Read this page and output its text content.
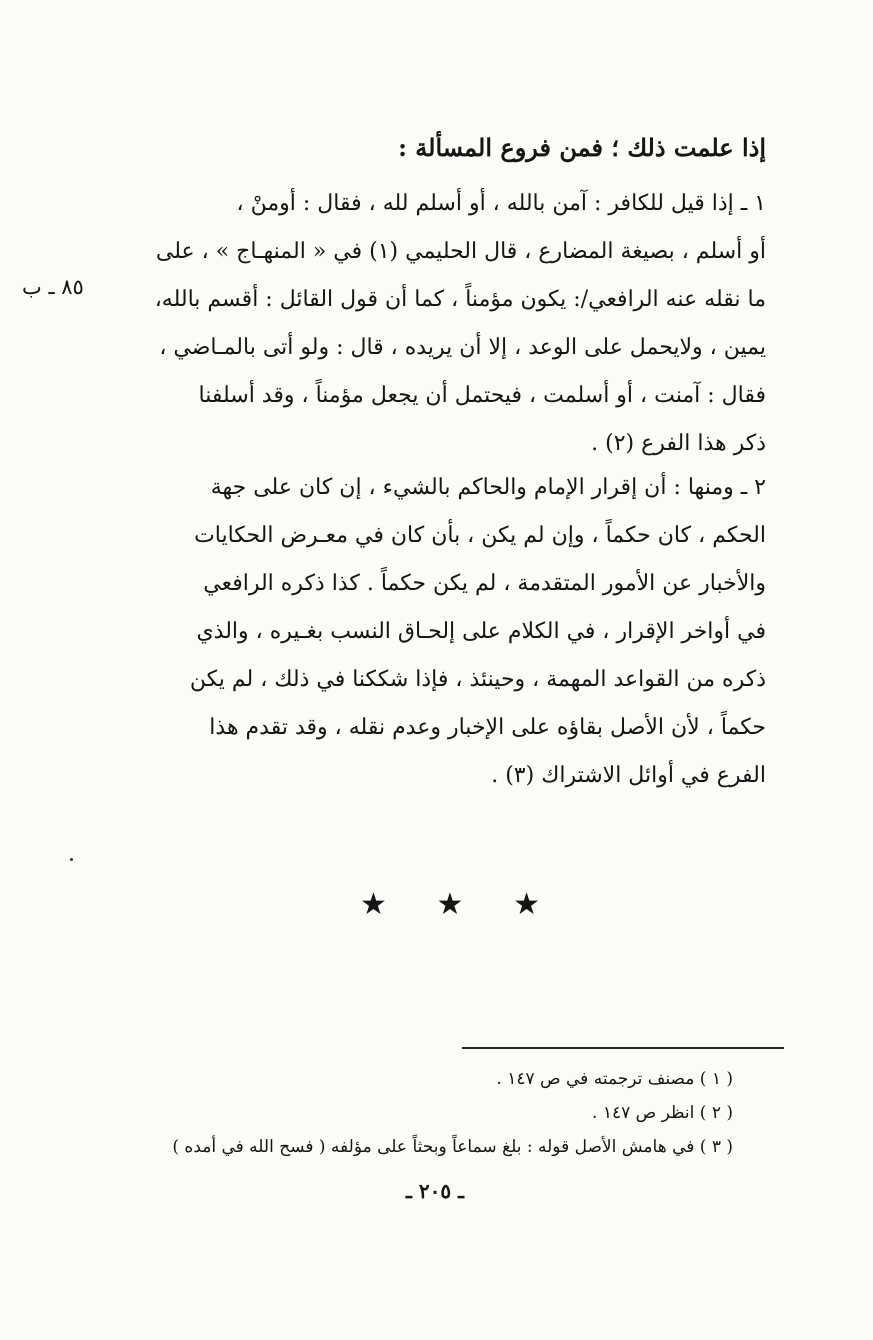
إذا علمت ذلك ؛ فمن فروع المسألة :
١ ـ إذا قيل للكافر : آمن بالله ، أو أسلم لله ، فقال : أومنْ ،
أو أسلم ، بصيغة المضارع ، قال الحليمي (١) في « المنهـاج » ، على
ما نقله عنه الرافعي/: يكون مؤمناً ، كما أن قول القائل : أقسم بالله،
يمين ، ولايحمل على الوعد ، إلا أن يريده ، قال : ولو أتى بالمـاضي ،
فقال : آمنت ، أو أسلمت ، فيحتمل أن يجعل مؤمناً ، وقد أسلفنا
ذكر هذا الفرع (٢) .
٨٥ ـ ب
٢ ـ ومنها : أن إقرار الإمام والحاكم بالشيء ، إن كان على جهة
الحكم ، كان حكماً ، وإن لم يكن ، بأن كان في معـرض الحكايات
والأخبار عن الأمور المتقدمة ، لم يكن حكماً . كذا ذكره الرافعي
في أواخر الإقرار ، في الكلام على إلحـاق النسب بغـيره ، والذي
ذكره من القواعد المهمة ، وحينئذ ، فإذا شككنا في ذلك ، لم يكن
حكماً ، لأن الأصل بقاؤه على الإخبار وعدم نقله ، وقد تقدم هذا
الفرع في أوائل الاشتراك (٣) .
★ ★ ★
( ١ ) مصنف ترجمته في ص ١٤٧ .
( ٢ ) انظر ص ١٤٧ .
( ٣ ) في هامش الأصل قوله : بلغ سماعاً وبحثاً على مؤلفه ( فسح الله في أمده )
ـ ٢٠٥ ـ
